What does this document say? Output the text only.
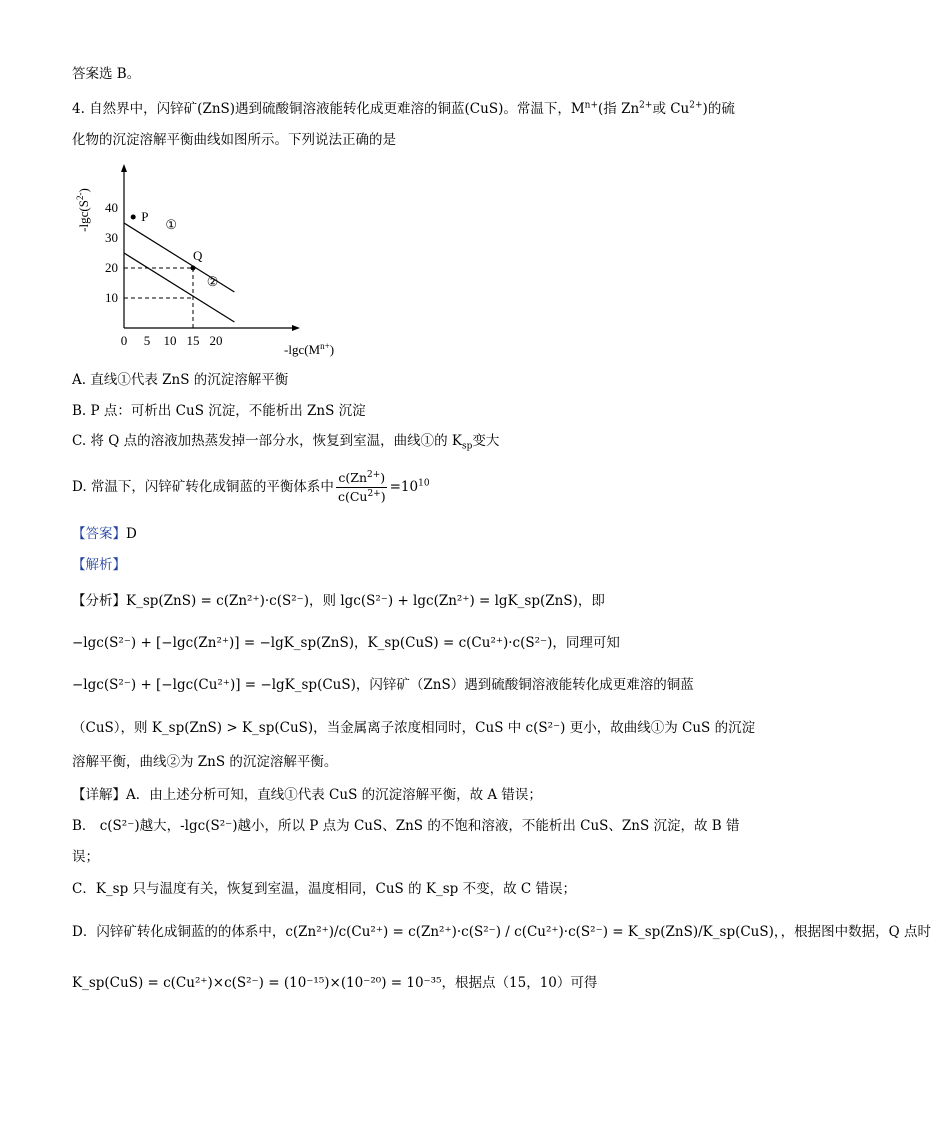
答案选 B。
4. 自然界中，闪锌矿(ZnS)遇到硫酸铜溶液能转化成更难溶的铜蓝(CuS)。常温下，$M^{n+}$(指 $Zn^{2+}$或 $Cu^{2+}$)的硫
化物的沉淀溶解平衡曲线如图所示。下列说法正确的是
0 5 10 15 20
10
20
30
40
①
②
P
Q
$-\lg c(S^{2-})$
$-\lg c(M^{n+})$
A. 直线①代表 ZnS 的沉淀溶解平衡
B. P 点：可析出 CuS 沉淀，不能析出 ZnS 沉淀
C. 将 Q 点的溶液加热蒸发掉一部分水，恢复到室温，曲线①的 $K_{sp}$变大
D. 常温下，闪锌矿转化成铜蓝的平衡体系中 $\frac{c(Zn^{2+})}{c(Cu^{2+})} =10^{10}$
【答案】D
【解析】
【分析】K_sp(ZnS) = c(Zn²⁺)·c(S²⁻)，则 lgc(S²⁻) + lgc(Zn²⁺) = lgK_sp(ZnS)，即
−lgc(S²⁻) + [−lgc(Zn²⁺)] = −lgK_sp(ZnS)，K_sp(CuS) = c(Cu²⁺)·c(S²⁻)，同理可知
−lgc(S²⁻) + [−lgc(Cu²⁺)] = −lgK_sp(CuS)，闪锌矿（ZnS）遇到硫酸铜溶液能转化成更难溶的铜蓝
（CuS），则 K_sp(ZnS) > K_sp(CuS)，当金属离子浓度相同时，CuS 中 c(S²⁻) 更小，故曲线①为 CuS 的沉淀
溶解平衡，曲线②为 ZnS 的沉淀溶解平衡。
【详解】A．由上述分析可知，直线①代表 CuS 的沉淀溶解平衡，故 A 错误；
B． c(S²⁻)越大，-lgc(S²⁻)越小，所以 P 点为 CuS、ZnS 的不饱和溶液，不能析出 CuS、ZnS 沉淀，故 B 错
误；
C．K_sp 只与温度有关，恢复到室温，温度相同，CuS 的 K_sp 不变，故 C 错误；
D．闪锌矿转化成铜蓝的的体系中，c(Zn²⁺)/c(Cu²⁺) = c(Zn²⁺)·c(S²⁻) / c(Cu²⁺)·c(S²⁻) = K_sp(ZnS)/K_sp(CuS)，，根据图中数据，Q 点时
K_sp(CuS) = c(Cu²⁺)×c(S²⁻) = (10⁻¹⁵)×(10⁻²⁰) = 10⁻³⁵，根据点（15，10）可得
